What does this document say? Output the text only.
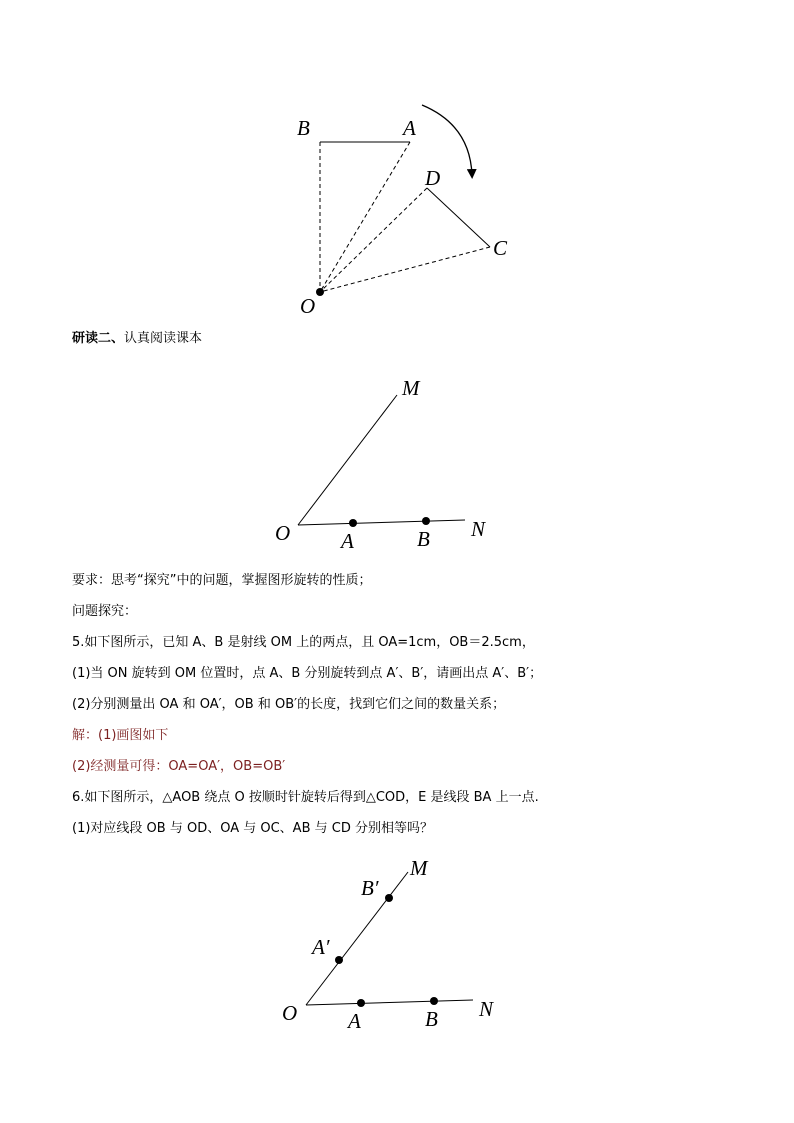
B	A
D
C
O
研读二、认真阅读课本
M
O A	B N
要求：思考“探究”中的问题，掌握图形旋转的性质；
问题探究：
5.如下图所示，已知 A、B 是射线 OM 上的两点，且 OA=1cm，OB＝2.5cm，
(1)当 ON 旋转到 OM 位置时，点 A、B 分别旋转到点 A′、B′，请画出点 A′、B′；
(2)分别测量出 OA 和 OA′，OB 和 OB′的长度，找到它们之间的数量关系；
解：(1)画图如下
(2)经测量可得：OA=OA′，OB=OB′
6.如下图所示，△AOB 绕点 O 按顺时针旋转后得到△COD，E 是线段 BA 上一点.
(1)对应线段 OB 与 OD、OA 与 OC、AB 与 CD 分别相等吗？
M
B′
A′
O A	B N
